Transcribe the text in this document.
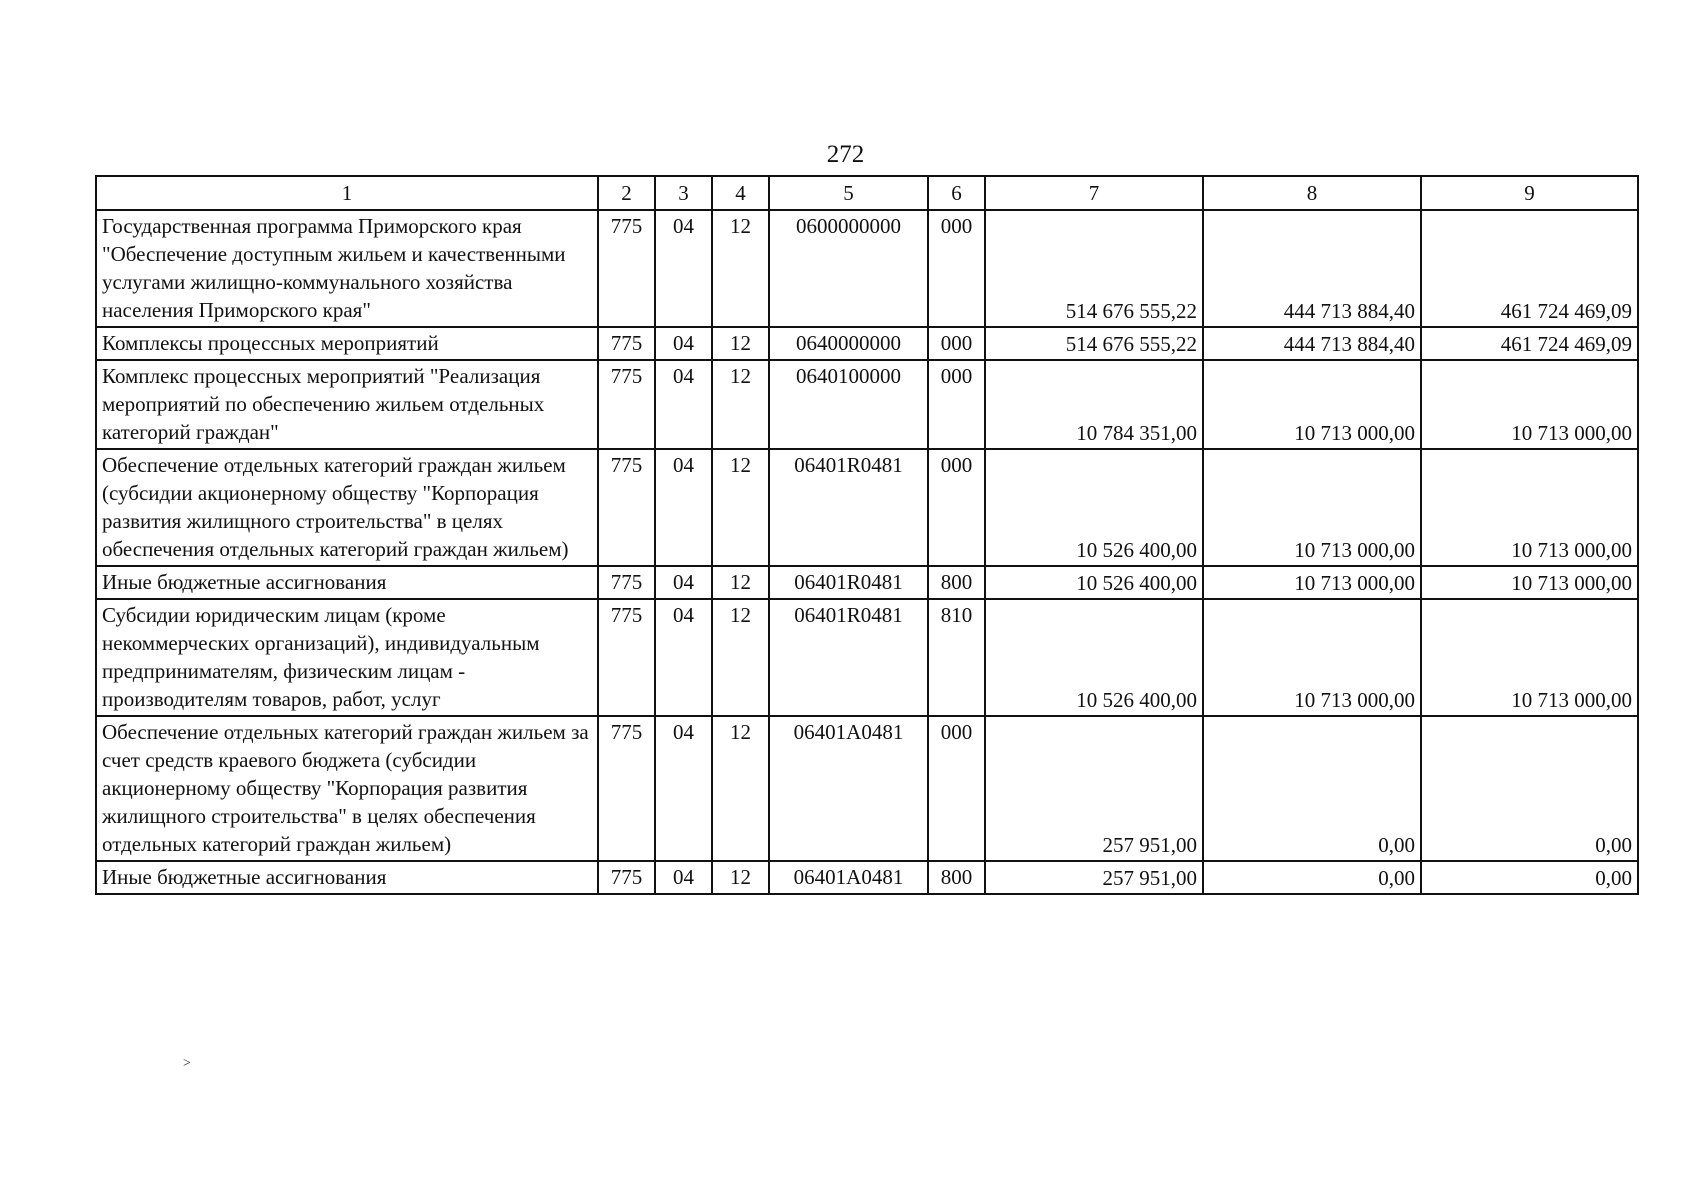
272
1	2	3	4	5	6	7	8	9
Государственная программа Приморского края "Обеспечение доступным жильем и качественными услугами жилищно-коммунального хозяйства населения Приморского края"	775	04	12	0600000000	000	514 676 555,22	444 713 884,40	461 724 469,09
Комплексы процессных мероприятий	775	04	12	0640000000	000	514 676 555,22	444 713 884,40	461 724 469,09
Комплекс процессных мероприятий "Реализация мероприятий по обеспечению жильем отдельных категорий граждан"	775	04	12	0640100000	000	10 784 351,00	10 713 000,00	10 713 000,00
Обеспечение отдельных категорий граждан жильем (субсидии акционерному обществу "Корпорация развития жилищного строительства" в целях обеспечения отдельных категорий граждан жильем)	775	04	12	06401R0481	000	10 526 400,00	10 713 000,00	10 713 000,00
Иные бюджетные ассигнования	775	04	12	06401R0481	800	10 526 400,00	10 713 000,00	10 713 000,00
Субсидии юридическим лицам (кроме некоммерческих организаций), индивидуальным предпринимателям, физическим лицам - производителям товаров, работ, услуг	775	04	12	06401R0481	810	10 526 400,00	10 713 000,00	10 713 000,00
Обеспечение отдельных категорий граждан жильем за счет средств краевого бюджета (субсидии акционерному обществу "Корпорация развития жилищного строительства" в целях обеспечения отдельных категорий граждан жильем)	775	04	12	06401A0481	000	257 951,00	0,00	0,00
Иные бюджетные ассигнования	775	04	12	06401A0481	800	257 951,00	0,00	0,00
˃
